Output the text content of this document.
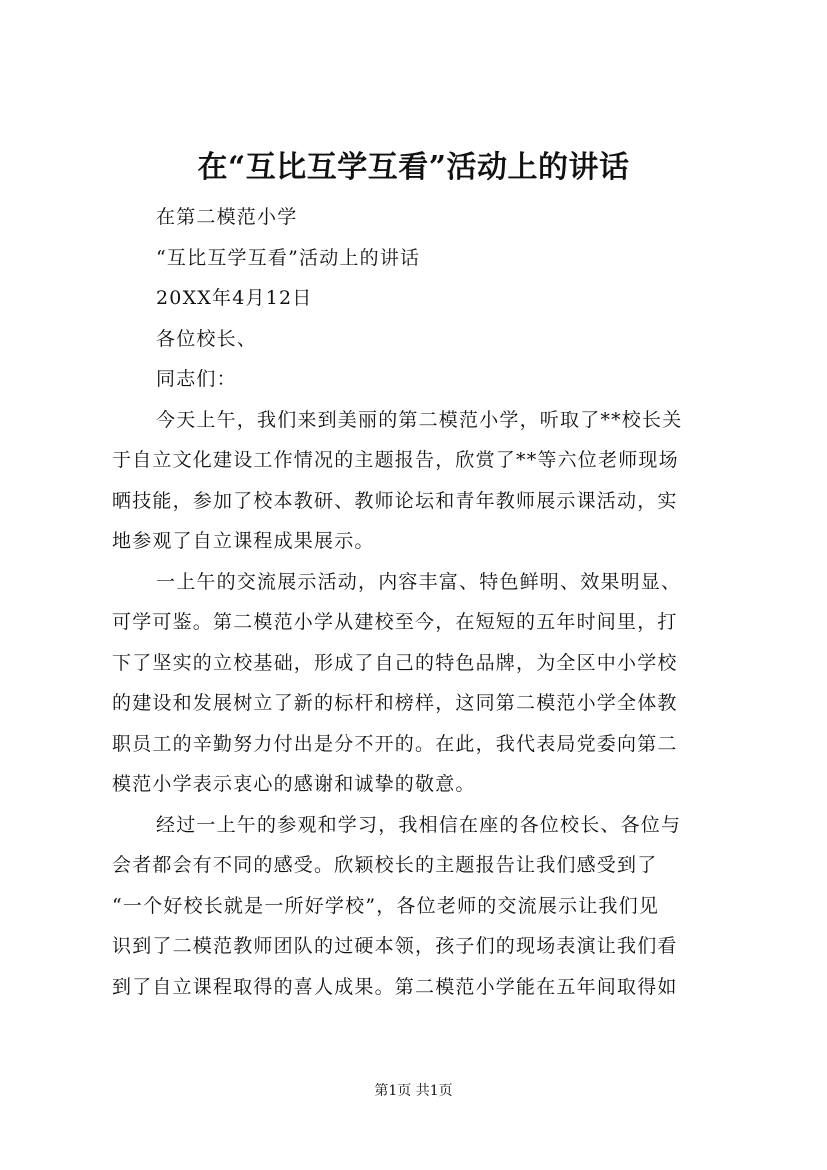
在“互比互学互看”活动上的讲话

在第二模范小学

“互比互学互看”活动上的讲话

20XX年4月12日

各位校长、

同志们：

今天上午，我们来到美丽的第二模范小学，听取了**校长关

于自立文化建设工作情况的主题报告，欣赏了**等六位老师现场

晒技能，参加了校本教研、教师论坛和青年教师展示课活动，实

地参观了自立课程成果展示。

一上午的交流展示活动，内容丰富、特色鲜明、效果明显、

可学可鉴。第二模范小学从建校至今，在短短的五年时间里，打

下了坚实的立校基础，形成了自己的特色品牌，为全区中小学校

的建设和发展树立了新的标杆和榜样，这同第二模范小学全体教

职员工的辛勤努力付出是分不开的。在此，我代表局党委向第二

模范小学表示衷心的感谢和诚挚的敬意。

经过一上午的参观和学习，我相信在座的各位校长、各位与

会者都会有不同的感受。欣颖校长的主题报告让我们感受到了

“一个好校长就是一所好学校”，各位老师的交流展示让我们见

识到了二模范教师团队的过硬本领，孩子们的现场表演让我们看

到了自立课程取得的喜人成果。第二模范小学能在五年间取得如

第1页 共1页
